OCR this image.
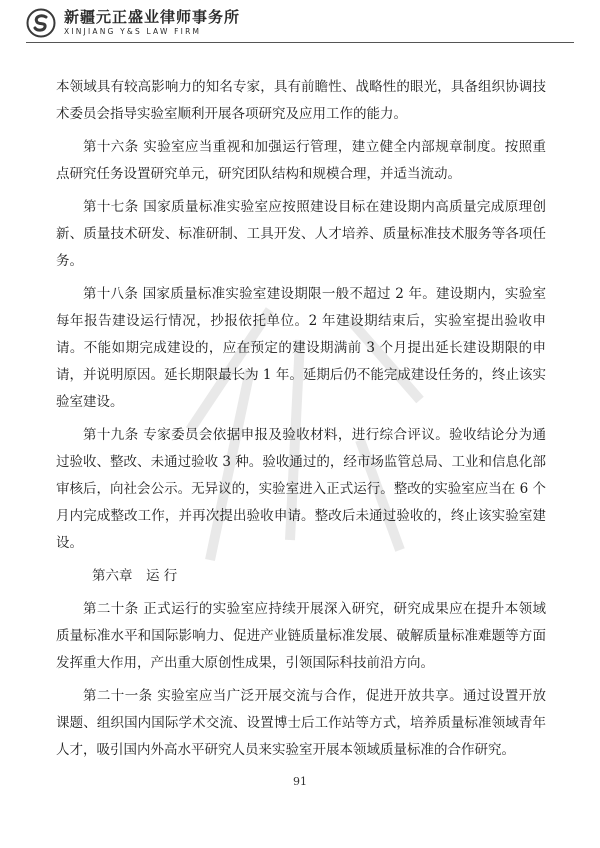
新疆元正盛业律师事务所
XINJIANG Y&S LAW FIRM

本领域具有较高影响力的知名专家，具有前瞻性、战略性的眼光，具备组织协调技术委员会指导实验室顺利开展各项研究及应用工作的能力。

第十六条 实验室应当重视和加强运行管理，建立健全内部规章制度。按照重点研究任务设置研究单元，研究团队结构和规模合理，并适当流动。

第十七条 国家质量标准实验室应按照建设目标在建设期内高质量完成原理创新、质量技术研发、标准研制、工具开发、人才培养、质量标准技术服务等各项任务。

第十八条 国家质量标准实验室建设期限一般不超过 2 年。建设期内，实验室每年报告建设运行情况，抄报依托单位。2 年建设期结束后，实验室提出验收申请。不能如期完成建设的，应在预定的建设期满前 3 个月提出延长建设期限的申请，并说明原因。延长期限最长为 1 年。延期后仍不能完成建设任务的，终止该实验室建设。

第十九条 专家委员会依据申报及验收材料，进行综合评议。验收结论分为通过验收、整改、未通过验收 3 种。验收通过的，经市场监管总局、工业和信息化部审核后，向社会公示。无异议的，实验室进入正式运行。整改的实验室应当在 6 个月内完成整改工作，并再次提出验收申请。整改后未通过验收的，终止该实验室建设。

第六章　运 行

第二十条 正式运行的实验室应持续开展深入研究，研究成果应在提升本领域质量标准水平和国际影响力、促进产业链质量标准发展、破解质量标准难题等方面发挥重大作用，产出重大原创性成果，引领国际科技前沿方向。

第二十一条 实验室应当广泛开展交流与合作，促进开放共享。通过设置开放课题、组织国内国际学术交流、设置博士后工作站等方式，培养质量标准领域青年人才，吸引国内外高水平研究人员来实验室开展本领域质量标准的合作研究。

91
